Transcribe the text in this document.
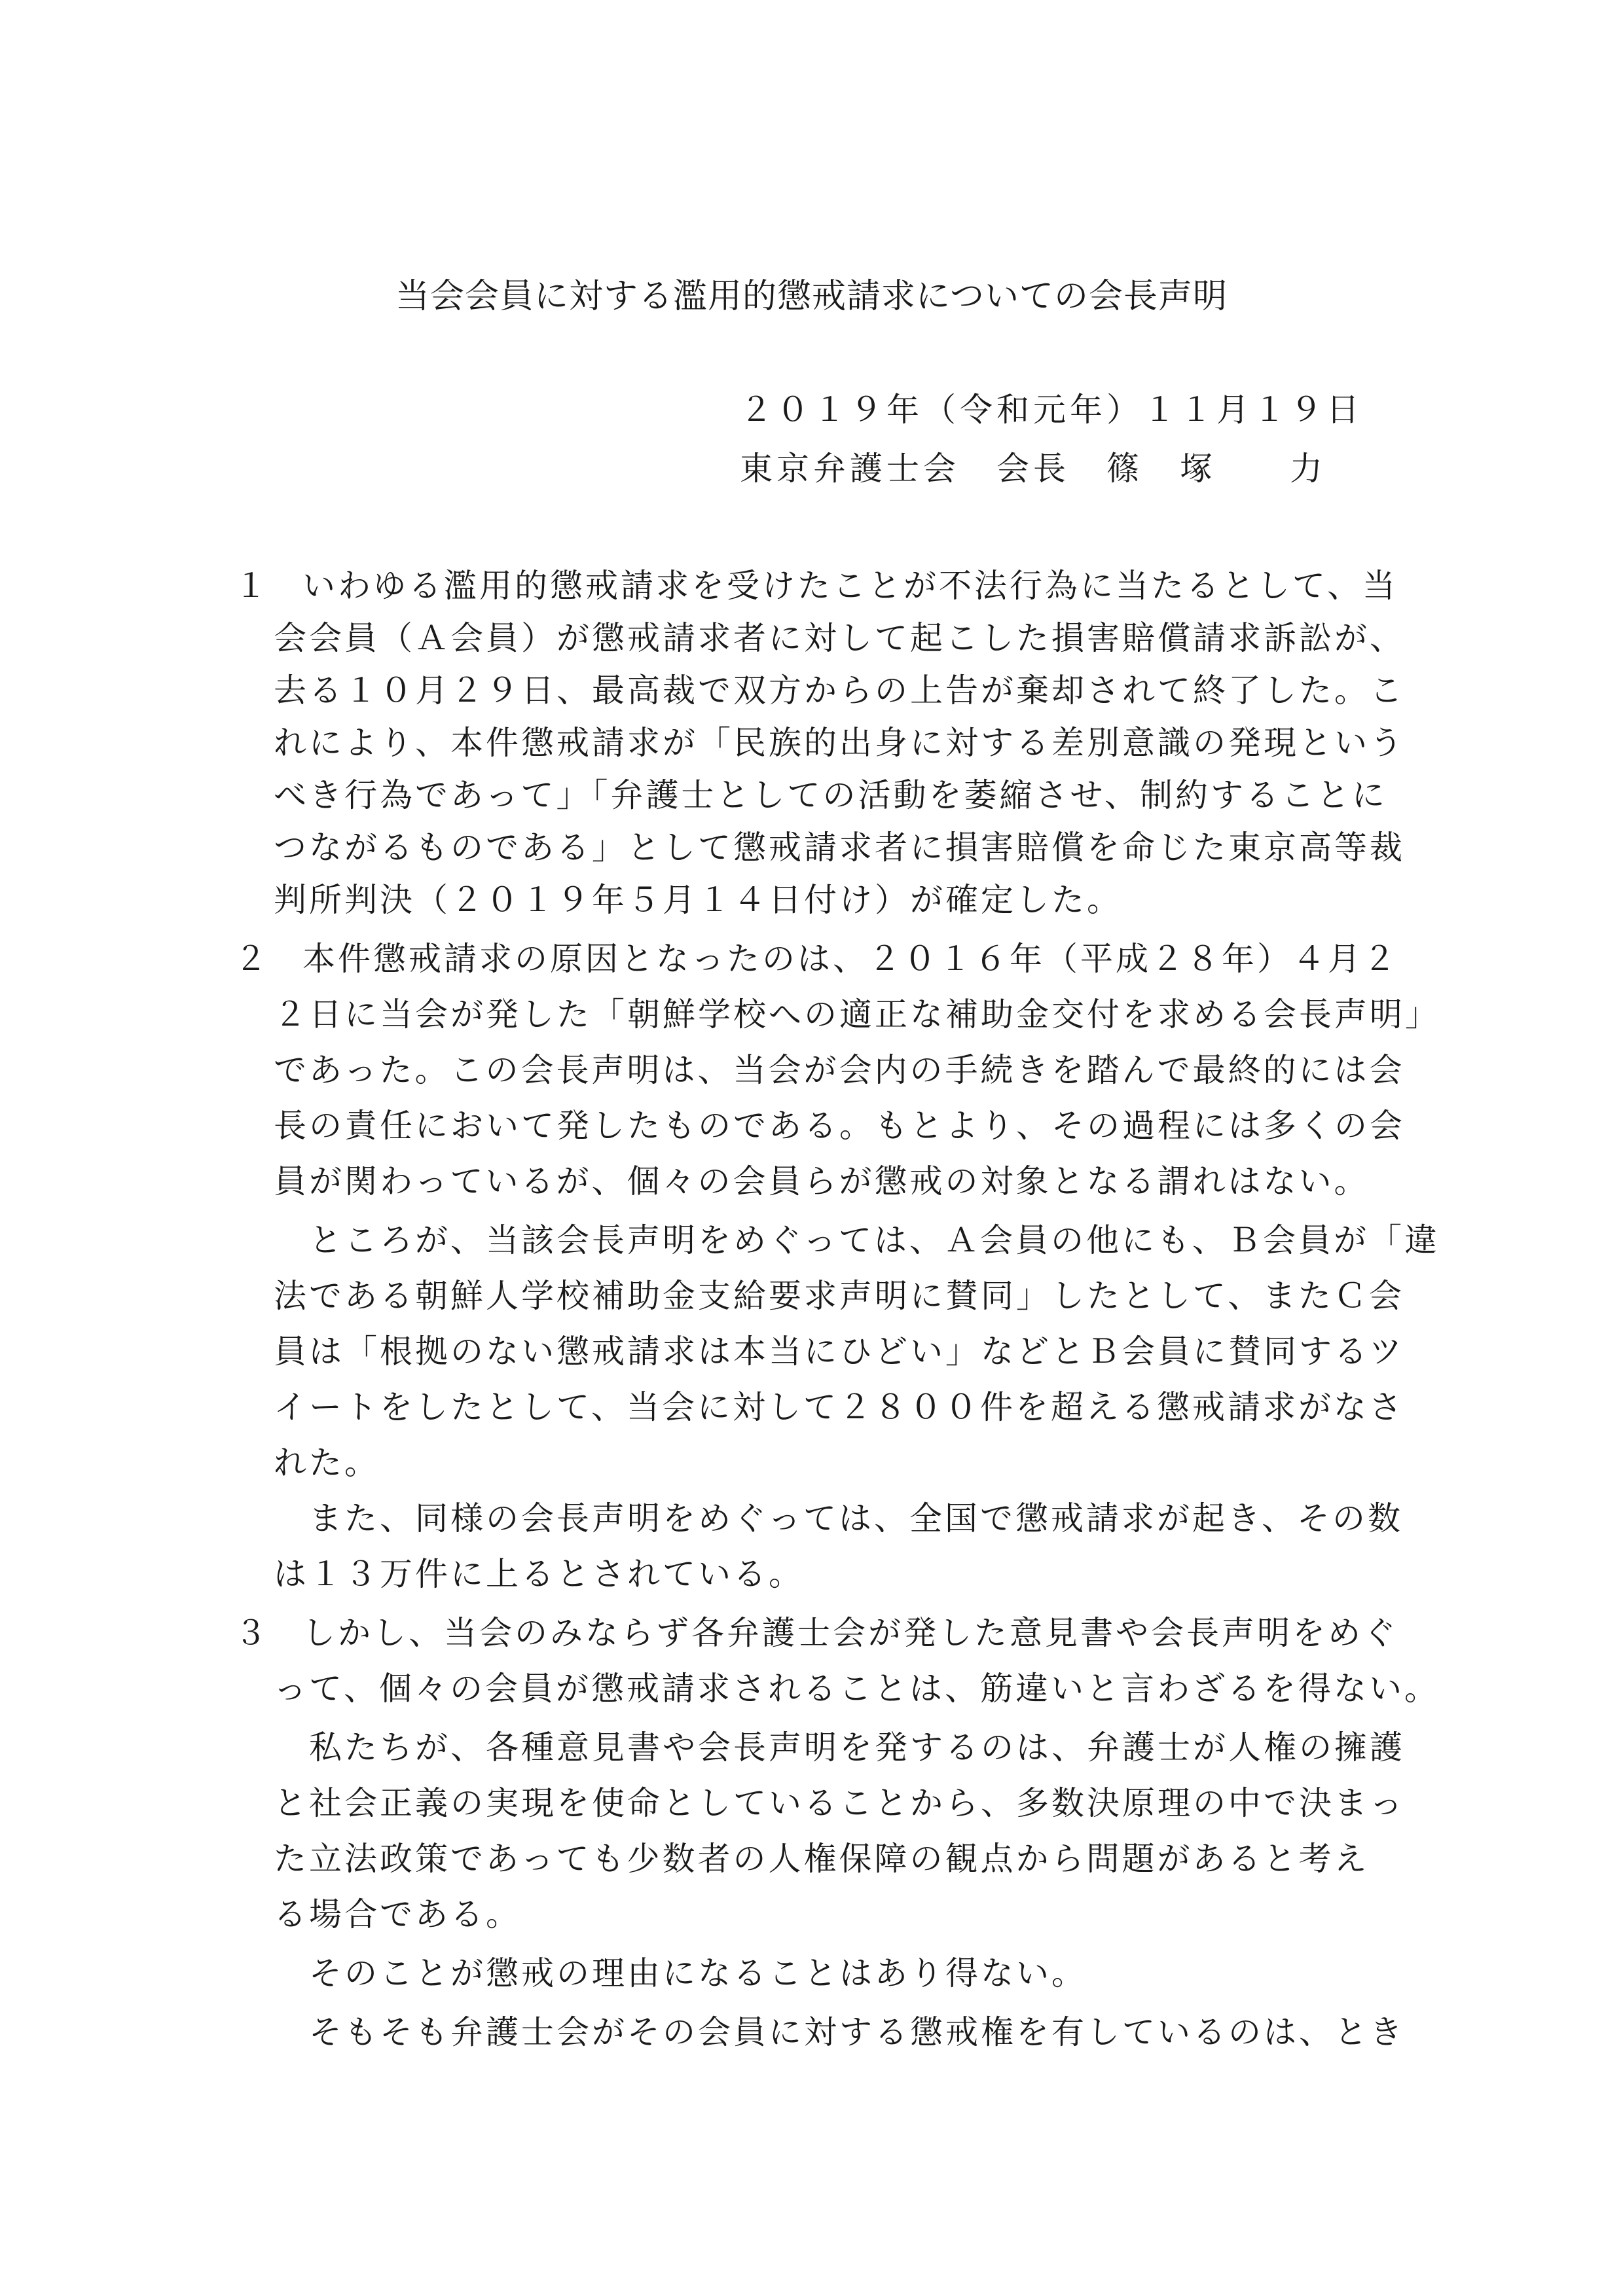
当会会員に対する濫用的懲戒請求についての会長声明
２０１９年（令和元年）１１月１９日
東京弁護士会　会長　篠　塚　　力
１	いわゆる濫用的懲戒請求を受けたことが不法行為に当たるとして、当
会会員（Ａ会員）が懲戒請求者に対して起こした損害賠償請求訴訟が、
去る１０月２９日、最高裁で双方からの上告が棄却されて終了した。こ
れにより、本件懲戒請求が「民族的出身に対する差別意識の発現という
べき行為であって」「弁護士としての活動を萎縮させ、制約することに
つながるものである」として懲戒請求者に損害賠償を命じた東京高等裁
判所判決（２０１９年５月１４日付け）が確定した。
２	本件懲戒請求の原因となったのは、２０１６年（平成２８年）４月２
２日に当会が発した「朝鮮学校への適正な補助金交付を求める会長声明」
であった。この会長声明は、当会が会内の手続きを踏んで最終的には会
長の責任において発したものである。もとより、その過程には多くの会
員が関わっているが、個々の会員らが懲戒の対象となる謂れはない。
　ところが、当該会長声明をめぐっては、Ａ会員の他にも、Ｂ会員が「違
法である朝鮮人学校補助金支給要求声明に賛同」したとして、またＣ会
員は「根拠のない懲戒請求は本当にひどい」などとＢ会員に賛同するツ
イートをしたとして、当会に対して２８００件を超える懲戒請求がなさ
れた。
　また、同様の会長声明をめぐっては、全国で懲戒請求が起き、その数
は１３万件に上るとされている。
３	しかし、当会のみならず各弁護士会が発した意見書や会長声明をめぐ
って、個々の会員が懲戒請求されることは、筋違いと言わざるを得ない。
　私たちが、各種意見書や会長声明を発するのは、弁護士が人権の擁護
と社会正義の実現を使命としていることから、多数決原理の中で決まっ
た立法政策であっても少数者の人権保障の観点から問題があると考え
る場合である。
　そのことが懲戒の理由になることはあり得ない。
　そもそも弁護士会がその会員に対する懲戒権を有しているのは、とき
